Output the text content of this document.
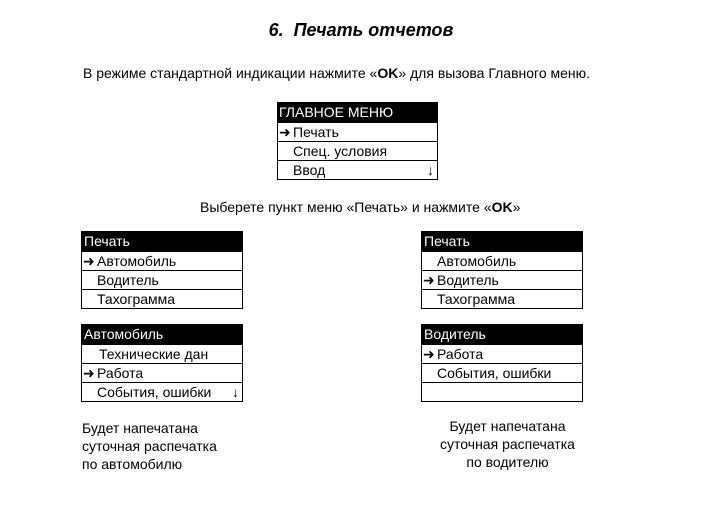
6. Печать отчетов
В режиме стандартной индикации нажмите «OK» для вызова Главного меню.
ГЛАВНОЕ МЕНЮ
➜ Печать
Спец. условия
Ввод	↓
Выберете пункт меню «Печать» и нажмите «OK»
Печать
➜ Автомобиль
Водитель
Тахограмма
Печать
Автомобиль
➜ Водитель
Тахограмма
Автомобиль
Технические дан
➜ Работа
События, ошибки ↓
Водитель
➜ Работа
События, ошибки
Будет напечатана
суточная распечатка
по автомобилю
Будет напечатана
суточная распечатка
по водителю
